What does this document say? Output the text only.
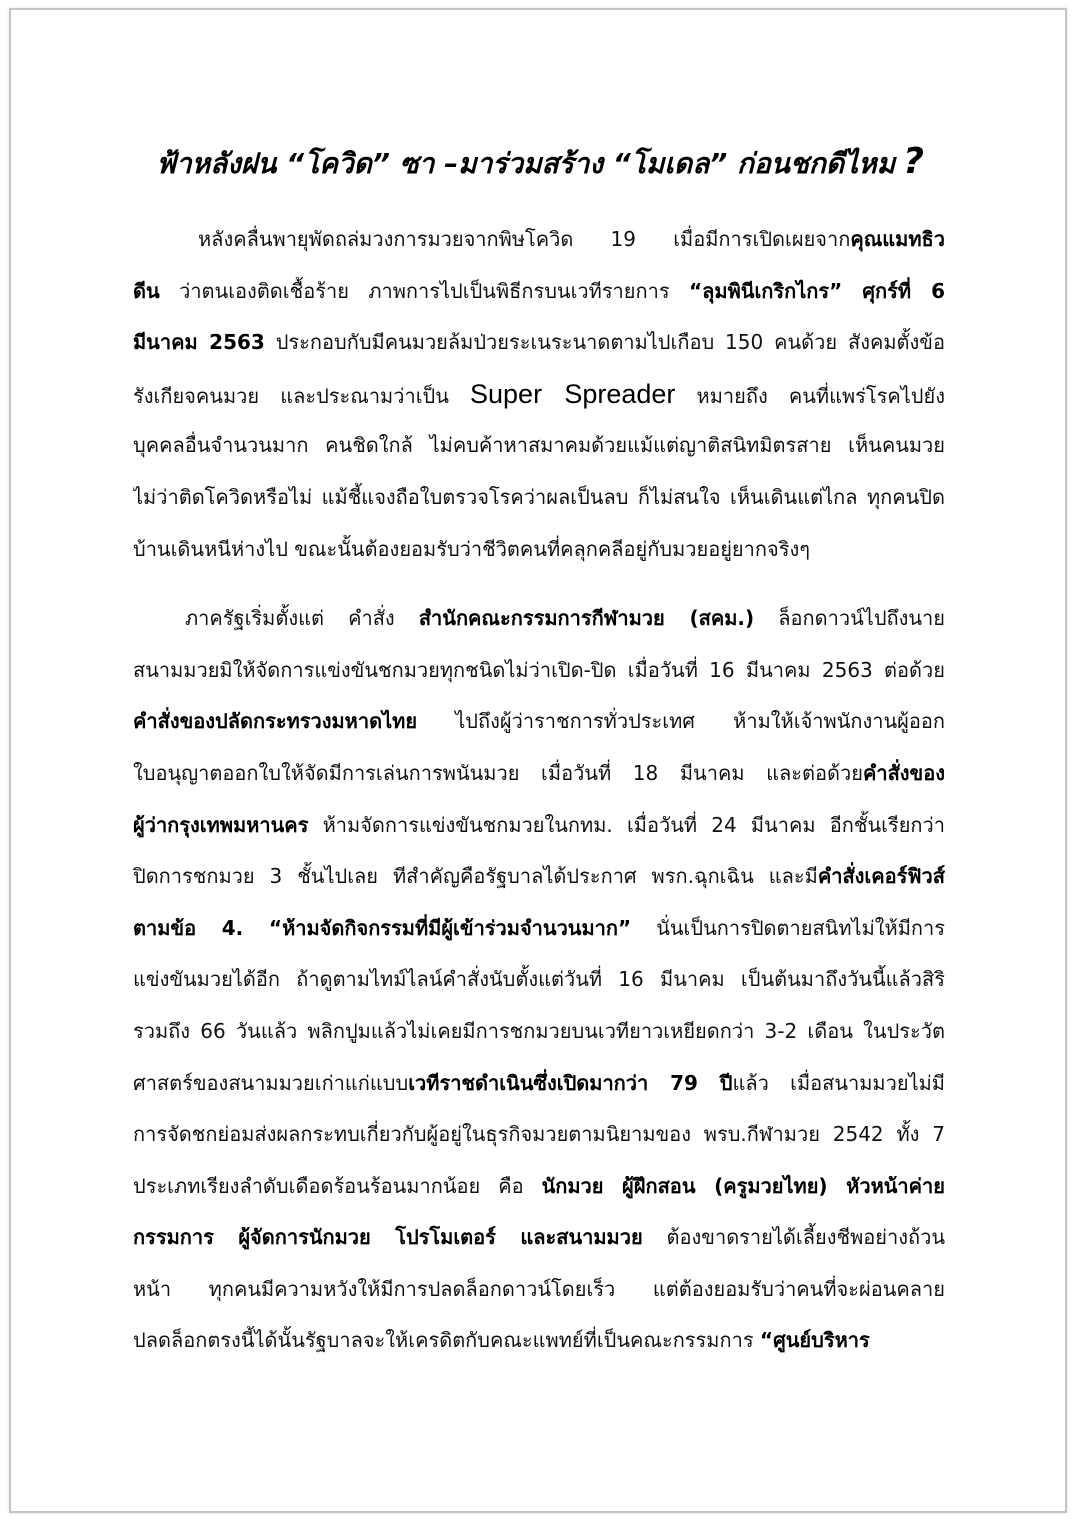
ฟ้าหลังฝน “โควิด” ซา –มาร่วมสร้าง “โมเดล” ก่อนชกดีไหม ?
หลังคลื่นพายุพัดถล่มวงการมวยจากพิษโควิด 19 เมื่อมีการเปิดเผยจากคุณแมทธิว
ดีน ว่าตนเองติดเชื้อร้าย ภาพการไปเป็นพิธีกรบนเวทีรายการ “ลุมพินีเกริกไกร” ศุกร์ที่ 6
มีนาคม 2563 ประกอบกับมีคนมวยล้มป่วยระเนระนาดตามไปเกือบ 150 คนด้วย สังคมตั้งข้อ
รังเกียจคนมวย และประณามว่าเป็น Super Spreader หมายถึง คนที่แพร่โรคไปยัง
บุคคลอื่นจำนวนมาก คนชิดใกล้ ไม่คบค้าหาสมาคมด้วยแม้แต่ญาติสนิทมิตรสาย เห็นคนมวย
ไม่ว่าติดโควิดหรือไม่ แม้ชี้แจงถือใบตรวจโรคว่าผลเป็นลบ ก็ไม่สนใจ เห็นเดินแต่ไกล ทุกคนปิด
บ้านเดินหนีห่างไป ขณะนั้นต้องยอมรับว่าชีวิตคนที่คลุกคลีอยู่กับมวยอยู่ยากจริงๆ
ภาครัฐเริ่มตั้งแต่ คำสั่ง สำนักคณะกรรมการกีฬามวย (สคม.) ล็อกดาวน์ไปถึงนาย
สนามมวยมิให้จัดการแข่งขันชกมวยทุกชนิดไม่ว่าเปิด-ปิด เมื่อวันที่ 16 มีนาคม 2563 ต่อด้วย
คำสั่งของปลัดกระทรวงมหาดไทย ไปถึงผู้ว่าราชการทั่วประเทศ ห้ามให้เจ้าพนักงานผู้ออก
ใบอนุญาตออกใบให้จัดมีการเล่นการพนันมวย เมื่อวันที่ 18 มีนาคม และต่อด้วยคำสั่งของ
ผู้ว่ากรุงเทพมหานคร ห้ามจัดการแข่งขันชกมวยในกทม. เมื่อวันที่ 24 มีนาคม อีกชั้นเรียกว่า
ปิดการชกมวย 3 ชั้นไปเลย ทีสำคัญคือรัฐบาลได้ประกาศ พรก.ฉุกเฉิน และมีคำสั่งเคอร์ฟิวส์
ตามข้อ 4. “ห้ามจัดกิจกรรมที่มีผู้เข้าร่วมจำนวนมาก” นั่นเป็นการปิดตายสนิทไม่ให้มีการ
แข่งขันมวยได้อีก ถ้าดูตามไทม์ไลน์คำสั่งนับตั้งแต่วันที่ 16 มีนาคม เป็นต้นมาถึงวันนี้แล้วสิริ
รวมถึง 66 วันแล้ว พลิกปูมแล้วไม่เคยมีการชกมวยบนเวทียาวเหยียดกว่า 3-2 เดือน ในประวัต
ศาสตร์ของสนามมวยเก่าแก่แบบเวทีราชดำเนินซึ่งเปิดมากว่า 79 ปีแล้ว เมื่อสนามมวยไม่มี
การจัดชกย่อมส่งผลกระทบเกี่ยวกับผู้อยู่ในธุรกิจมวยตามนิยามของ พรบ.กีฬามวย 2542 ทั้ง 7
ประเภทเรียงลำดับเดือดร้อนร้อนมากน้อย คือ นักมวย ผู้ฝึกสอน (ครูมวยไทย) หัวหน้าค่าย
กรรมการ ผู้จัดการนักมวย โปรโมเตอร์ และสนามมวย ต้องขาดรายได้เลี้ยงชีพอย่างถ้วน
หน้า ทุกคนมีความหวังให้มีการปลดล็อกดาวน์โดยเร็ว แต่ต้องยอมรับว่าคนที่จะผ่อนคลาย
ปลดล็อกตรงนี้ได้นั้นรัฐบาลจะให้เครดิตกับคณะแพทย์ที่เป็นคณะกรรมการ “ศูนย์บริหาร
